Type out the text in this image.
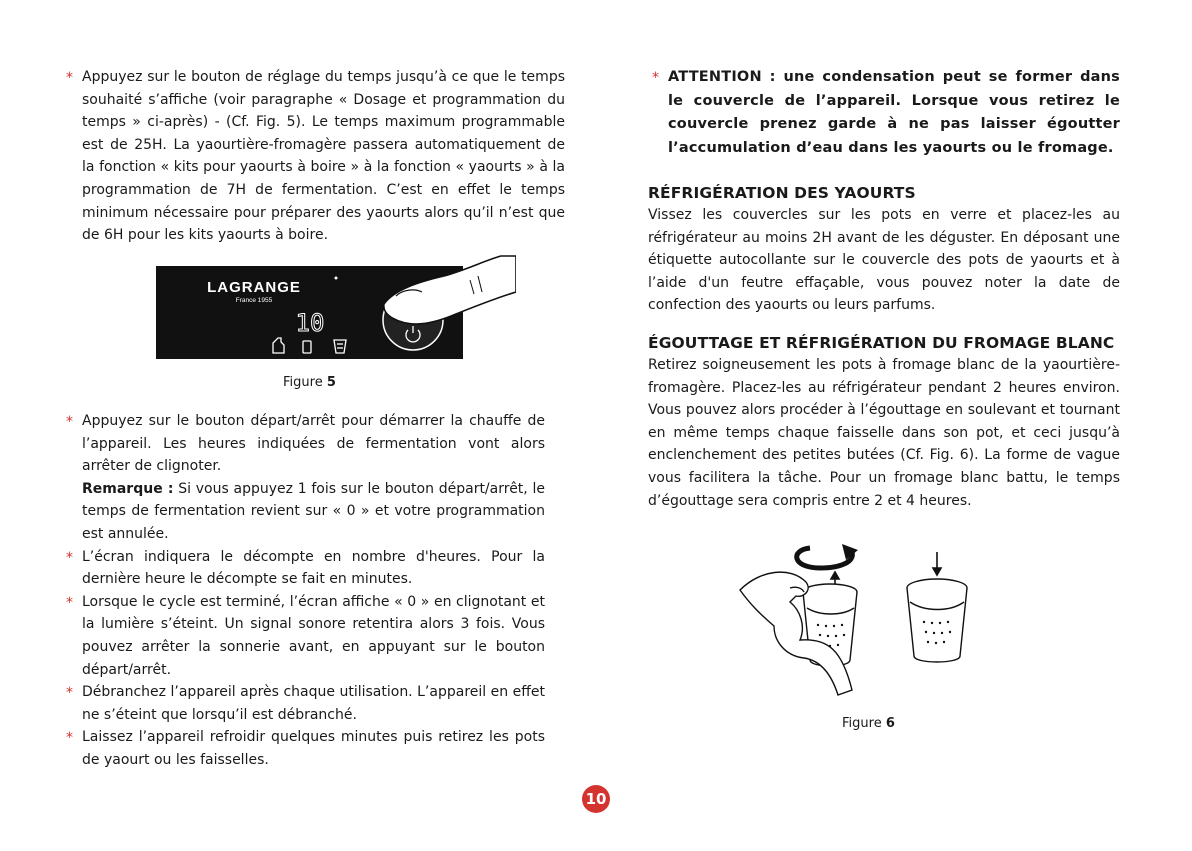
* Appuyez sur le bouton de réglage du temps jusqu’à ce que le temps souhaité s’affiche (voir paragraphe « Dosage et programmation du temps » ci-après) - (Cf. Fig. 5). Le temps maximum programmable est de 25H. La yaourtière-fromagère passera automatiquement de la fonction « kits pour yaourts à boire » à la fonction « yaourts » à la programmation de 7H de fermentation. C’est en effet le temps minimum nécessaire pour préparer des yaourts alors qu’il n’est que de 6H pour les kits yaourts à boire.
LAGRANGE
France 1955
10
Figure 5
* Appuyez sur le bouton départ/arrêt pour démarrer la chauffe de l’appareil. Les heures indiquées de fermentation vont alors arrêter de clignoter.
Remarque : Si vous appuyez 1 fois sur le bouton départ/arrêt, le temps de fermentation revient sur « 0 » et votre programmation est annulée.
* L’écran indiquera le décompte en nombre d'heures. Pour la dernière heure le décompte se fait en minutes.
* Lorsque le cycle est terminé, l’écran affiche « 0 » en clignotant et la lumière s’éteint. Un signal sonore retentira alors 3 fois. Vous pouvez arrêter la sonnerie avant, en appuyant sur le bouton départ/arrêt.
* Débranchez l’appareil après chaque utilisation. L’appareil en effet ne s’éteint que lorsqu’il est débranché.
* Laissez l’appareil refroidir quelques minutes puis retirez les pots de yaourt ou les faisselles.
* ATTENTION : une condensation peut se former dans le couvercle de l’appareil. Lorsque vous retirez le couvercle prenez garde à ne pas laisser égoutter l’accumulation d’eau dans les yaourts ou le fromage.
RÉFRIGÉRATION DES YAOURTS
Vissez les couvercles sur les pots en verre et placez-les au réfrigérateur au moins 2H avant de les déguster. En déposant une étiquette autocollante sur le couvercle des pots de yaourts et à l’aide d'un feutre effaçable, vous pouvez noter la date de confection des yaourts ou leurs parfums.
ÉGOUTTAGE ET RÉFRIGÉRATION DU FROMAGE BLANC
Retirez soigneusement les pots à fromage blanc de la yaourtière-fromagère. Placez-les au réfrigérateur pendant 2 heures environ. Vous pouvez alors procéder à l’égouttage en soulevant et tournant en même temps chaque faisselle dans son pot, et ceci jusqu’à enclenchement des petites butées (Cf. Fig. 6). La forme de vague vous facilitera la tâche. Pour un fromage blanc battu, le temps d’égouttage sera compris entre 2 et 4 heures.
Figure 6
10
